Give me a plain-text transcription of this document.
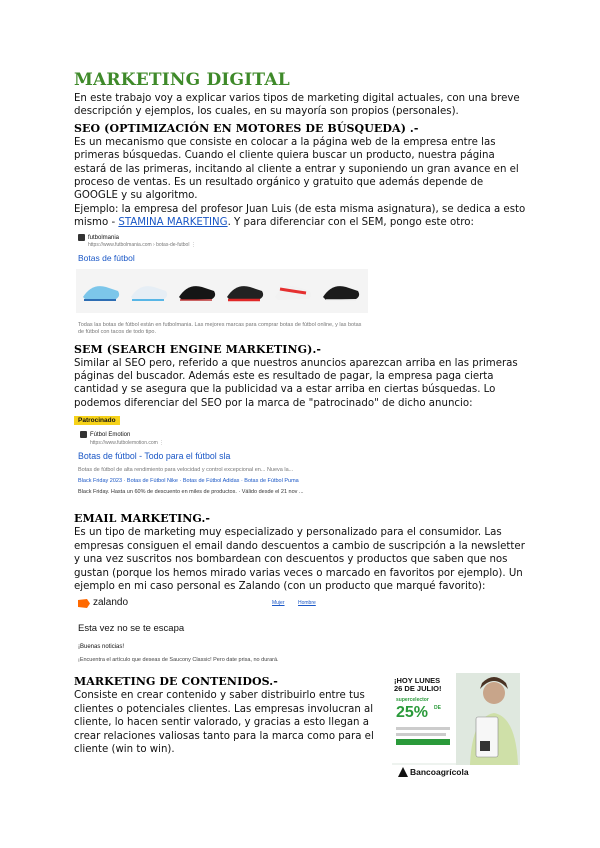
MARKETING DIGITAL

En este trabajo voy a explicar varios tipos de marketing digital actuales, con una breve descripción y ejemplos, los cuales, en su mayoría son propios (personales).

SEO (OPTIMIZACIÓN EN MOTORES DE BÚSQUEDA) .-

Es un mecanismo que consiste en colocar a la página web de la empresa entre las primeras búsquedas. Cuando el cliente quiera buscar un producto, nuestra página estará de las primeras, incitando al cliente a entrar y suponiendo un gran avance en el proceso de ventas. Es un resultado orgánico y gratuito que además depende de GOOGLE y su algoritmo.

Ejemplo: la empresa del profesor Juan Luis (de esta misma asignatura), se dedica a esto mismo - STAMINA MARKETING. Y para diferenciar con el SEM, pongo este otro:

futbolmania
https://www.futbolmania.com › botas-de-futbol ⋮
Botas de fútbol
Todas las botas de fútbol están en futbolmania. Las mejores marcas para comprar botas de fútbol online, y las botas de fútbol con tacos de todo tipo.
SEM (SEARCH ENGINE MARKETING).-

Similar al SEO pero, referido a que nuestros anuncios aparezcan arriba en las primeras páginas del buscador. Además este es resultado de pagar, la empresa paga cierta cantidad y se asegura que la publicidad va a estar arriba en ciertas búsquedas. Lo podemos diferenciar del SEO por la marca de "patrocinado" de dicho anuncio:

Patrocinado
Fútbol Emotion
https://www.futbolemotion.com ⋮
Botas de fútbol - Todo para el fútbol sla
Botas de fútbol de alta rendimiento para velocidad y control excepcional en... Nueva la...
Black Friday 2023 · Botas de Fútbol Nike · Botas de Fútbol Adidas · Botas de Fútbol Puma
Black Friday. Hasta un 60% de descuento en miles de productos. · Válido desde el 21 nov ...
EMAIL MARKETING.-

Es un tipo de marketing muy especializado y personalizado para el consumidor. Las empresas consiguen el email dando descuentos a cambio de suscripción a la newsletter y una vez suscritos nos bombardean con descuentos y productos que saben que nos gustan (porque los hemos mirado varias veces o marcado en favoritos por ejemplo). Un ejemplo en mi caso personal es Zalando (con un producto que marqué favorito):

zalando	Mujer	Hombre
Esta vez no se te escapa
¡Buenas noticias!
¡Encuentra el artículo que deseas de Saucony Classic! Pero date prisa, no durará.
MARKETING DE CONTENIDOS.-

Consiste en crear contenido y saber distribuirlo entre tus clientes o potenciales clientes. Las empresas involucran al cliente, lo hacen sentir valorado, y gracias a esto llegan a crear relaciones valiosas tanto para la marca como para el cliente (win to win).

¡HOY LUNES
26 DE JULIO!
supercelector
25% DE
Bancoagrícola
